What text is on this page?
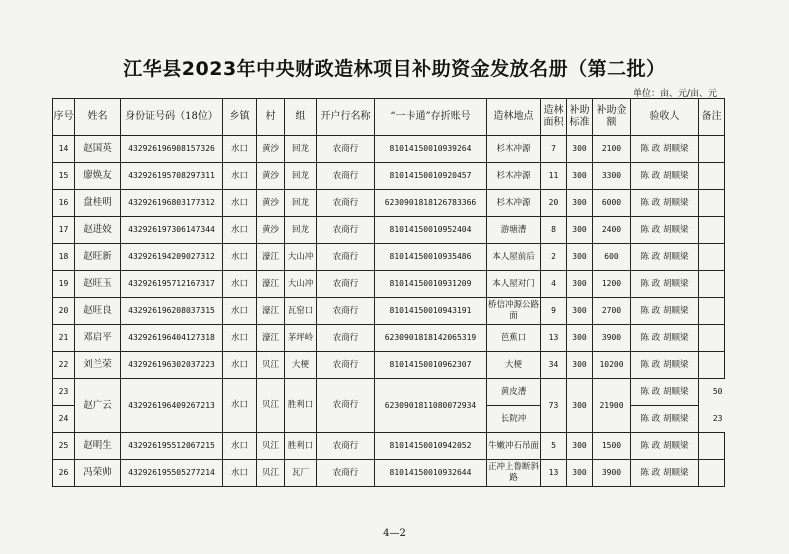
江华县2023年中央财政造林项目补助资金发放名册（第二批）
单位：亩、元/亩、元
序号	姓名	身份证号码（18位）	乡镇	村	组	开户行名称	“一卡通”存折账号	造林地点	造林面积	补助标准	补助金额	验收人	备注
14	赵国英	432926196908157326	水口	黄沙	回龙	农商行	81014150010939264	杉木冲源	7	300	2100	陈 政 胡顺梁	
15	廖焕友	432926195708297311	水口	黄沙	回龙	农商行	81014150010920457	杉木冲源	11	300	3300	陈 政 胡顺梁	
16	盘桂明	432926196803177312	水口	黄沙	回龙	农商行	6230901818126783366	杉木冲源	20	300	6000	陈 政 胡顺梁	
17	赵进姣	432926197306147344	水口	黄沙	回龙	农商行	81014150010952404	游塘漕	8	300	2400	陈 政 胡顺梁	
18	赵旺新	432926194209027312	水口	濠江	大山冲	农商行	81014150010935486	本人屋前后	2	300	600	陈 政 胡顺梁	
19	赵旺玉	432926195712167317	水口	濠江	大山冲	农商行	81014150010931209	本人屋对门	4	300	1200	陈 政 胡顺梁	
20	赵旺良	432926196208037315	水口	濠江	瓦窑口	农商行	81014150010943191	桥信冲源公路面	9	300	2700	陈 政 胡顺梁	
21	邓启平	432926196404127318	水口	濠江	茅坪岭	农商行	6230901818142065319	芭蕉口	13	300	3900	陈 政 胡顺梁	
22	刘兰荣	432926196302037223	水口	贝江	大梗	农商行	81014150010962307	大梗	34	300	10200	陈 政 胡顺梁	
23	赵广云	432926196409267213	水口	贝江	胜利口	农商行	6230901811080072934	黄皮漕	73	300	21900	陈 政 胡顺梁	50
24								长院冲				陈 政 胡顺梁	23
25	赵明生	432926195512067215	水口	贝江	胜利口	农商行	81014150010942052	牛嫩冲石吊面	5	300	1500	陈 政 胡顺梁	
26	冯荣帅	432926195505277214	水口	贝江	瓦厂	农商行	81014150010932644	正冲上鲁断斜路	13	300	3900	陈 政 胡顺梁	
4—2
